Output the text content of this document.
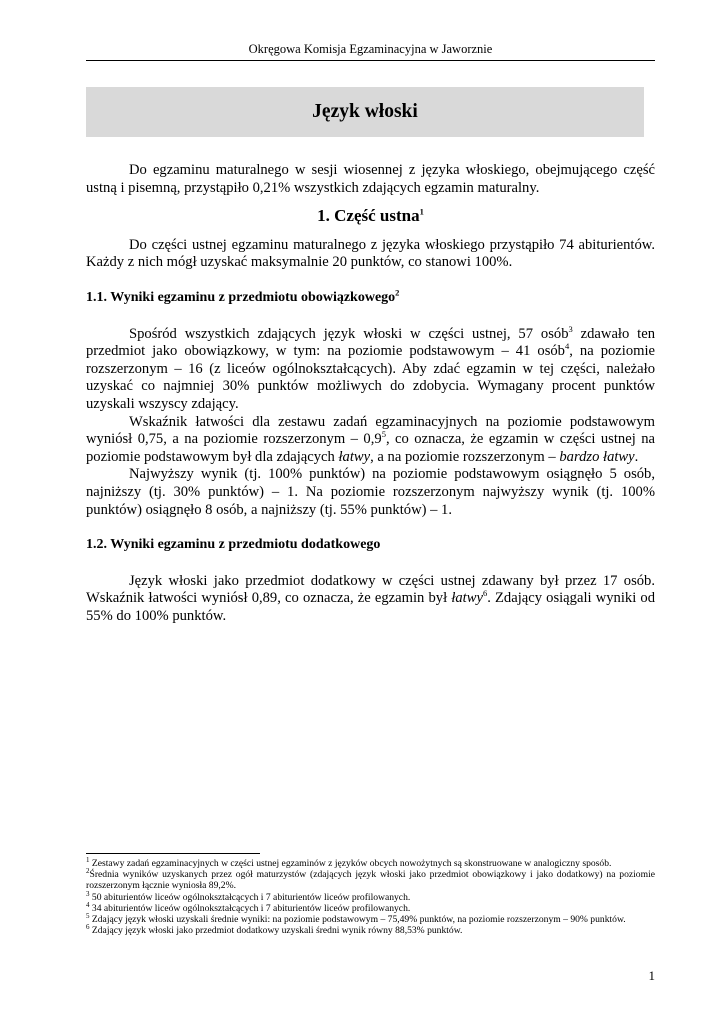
Okręgowa Komisja Egzaminacyjna w Jaworznie
Język włoski

Do egzaminu maturalnego w sesji wiosennej z języka włoskiego, obejmującego część ustną i pisemną, przystąpiło 0,21% wszystkich zdających egzamin maturalny.

1. Część ustna$^1$

Do części ustnej egzaminu maturalnego z języka włoskiego przystąpiło 74 abiturientów. Każdy z nich mógł uzyskać maksymalnie 20 punktów, co stanowi 100%.

1.1. Wyniki egzaminu z przedmiotu obowiązkowego$^2$

Spośród wszystkich zdających język włoski w części ustnej, 57 osób$^3$ zdawało ten przedmiot jako obowiązkowy, w tym: na poziomie podstawowym – 41 osób$^4$, na poziomie rozszerzonym – 16 (z liceów ogólnokształcących). Aby zdać egzamin w tej części, należało uzyskać co najmniej 30% punktów możliwych do zdobycia. Wymagany procent punktów uzyskali wszyscy zdający.

Wskaźnik łatwości dla zestawu zadań egzaminacyjnych na poziomie podstawowym wyniósł 0,75, a na poziomie rozszerzonym – $0,9^5$, co oznacza, że egzamin w części ustnej na poziomie podstawowym był dla zdających łatwy, a na poziomie rozszerzonym – bardzo łatwy.

Najwyższy wynik (tj. 100% punktów) na poziomie podstawowym osiągnęło 5 osób, najniższy (tj. 30% punktów) – 1. Na poziomie rozszerzonym najwyższy wynik (tj. 100% punktów) osiągnęło 8 osób, a najniższy (tj. 55% punktów) – 1.

1.2. Wyniki egzaminu z przedmiotu dodatkowego

Język włoski jako przedmiot dodatkowy w części ustnej zdawany był przez 17 osób. Wskaźnik łatwości wyniósł 0,89, co oznacza, że egzamin był łatwy$^6$. Zdający osiągali wyniki od 55% do 100% punktów.

$^1$ Zestawy zadań egzaminacyjnych w części ustnej egzaminów z języków obcych nowożytnych są skonstruowane w analogiczny sposób.

$^2$Średnia wyników uzyskanych przez ogół maturzystów (zdających język włoski jako przedmiot obowiązkowy i jako dodatkowy) na poziomie rozszerzonym łącznie wyniosła 89,2%.

$^3$ 50 abiturientów liceów ogólnokształcących i 7 abiturientów liceów profilowanych.

$^4$ 34 abiturientów liceów ogólnokształcących i 7 abiturientów liceów profilowanych.

$^5$ Zdający język włoski uzyskali średnie wyniki: na poziomie podstawowym – 75,49% punktów, na poziomie rozszerzonym – 90% punktów.

$^6$ Zdający język włoski jako przedmiot dodatkowy uzyskali średni wynik równy 88,53% punktów.

1
